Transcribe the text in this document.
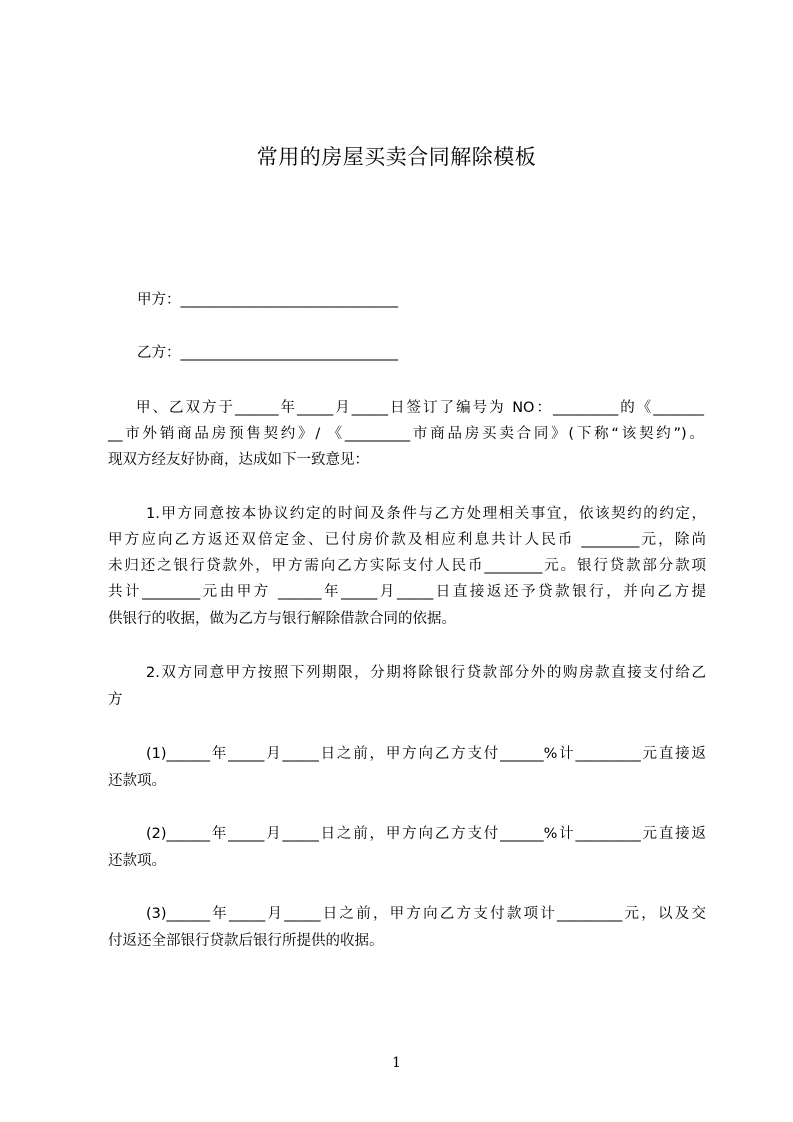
常用的房屋买卖合同解除模板
甲方：______________________________
乙方：______________________________
甲、乙双方于______年_____月_____日签订了编号为 NO：_________的《_______
__市外销商品房预售契约》/ 《_________市商品房买卖合同》(下称“该契约”)。
现双方经友好协商，达成如下一致意见：
1.甲方同意按本协议约定的时间及条件与乙方处理相关事宜，依该契约的约定，
甲方应向乙方返还双倍定金、已付房价款及相应利息共计人民币 ________元，除尚
未归还之银行贷款外，甲方需向乙方实际支付人民币________元。银行贷款部分款项
共计________元由甲方 ______年_____月_____日直接返还予贷款银行，并向乙方提
供银行的收据，做为乙方与银行解除借款合同的依据。
2.双方同意甲方按照下列期限，分期将除银行贷款部分外的购房款直接支付给乙
方
(1)______年_____月_____日之前，甲方向乙方支付______%计_________元直接返
还款项。
(2)______年_____月_____日之前，甲方向乙方支付______%计_________元直接返
还款项。
(3)______年_____月_____日之前，甲方向乙方支付款项计_________元，以及交
付返还全部银行贷款后银行所提供的收据。
1
